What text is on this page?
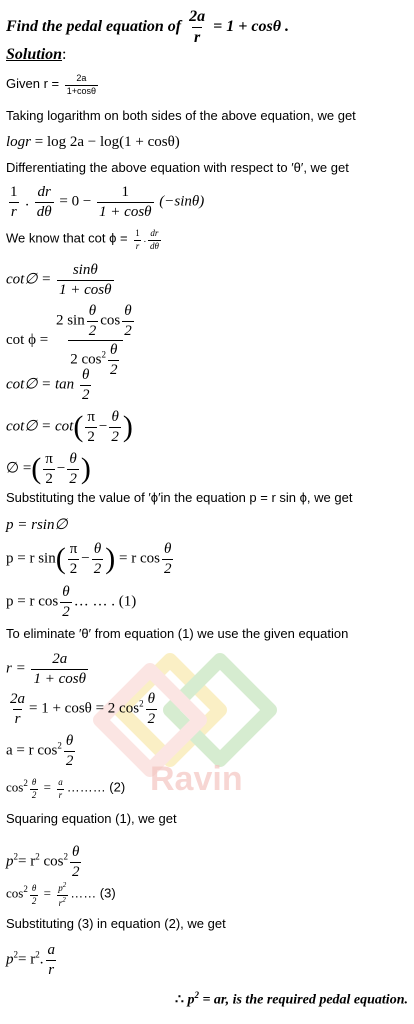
Ravin
Find the pedal equation of $\frac{2a}{r} = 1 + \cos\theta$ .
Solution:
Given $r = \frac{2a}{1+\cos\theta}$
Taking logarithm on both sides of the above equation, we get
logr = log 2a − log(1 + cosθ)
Differentiating the above equation with respect to ′θ′, we get
$\frac{1}{r}$ . $\frac{dr}{d\theta} = 0 - \frac{1}{1 + \cos\theta} (-\sin\theta)$
We know that $\cot \phi = \frac{1}{r}$ . $\frac{dr}{d\theta}$
cot∅ = $\frac{\sin\theta}{1 + \cos\theta}$
$\cot \phi = \frac{2 \sin \frac{\theta}{2} \cos \frac{\theta}{2}}{2 \cos^2 \frac{\theta}{2}}$
cot∅ = $\tan \frac{\theta}{2}$
cot∅ = $\cot( \frac{\pi}{2} - \frac{\theta}{2}$ )
∅ =( $\frac{\pi}{2} - \frac{\theta}{2}$ )
Substituting the value of ′ϕ′in the equation p = r sin ϕ, we get
p = rsin∅
p = r $\sin( \frac{\pi}{2} - \frac{\theta}{2}$ ) = r $\cos \frac{\theta}{2}$
p = r $\cos \frac{\theta}{2}$ … … . (1)
To eliminate ′θ′ from equation (1) we use the given equation
$r = \frac{2a}{1 + \cos\theta}$
$\frac{2a}{r} = 1 + \cos\theta = 2$ $\cos^2 \frac{\theta}{2}$
a = r $\cos^2 \frac{\theta}{2}$
$\cos^2 \frac{\theta}{2} = \frac{a}{r}$ ……… (2)
Squaring equation (1), we get
$p^2= r^2$ $\cos^2 \frac{\theta}{2}$
$\cos^2 \frac{\theta}{2} = \frac{p^2}{r^2}$ …… (3)
Substituting (3) in equation (2), we get
$p^2= r^2$. $\frac{a}{r}$
∴ $p^2$ = ar, is the required pedal equation.
